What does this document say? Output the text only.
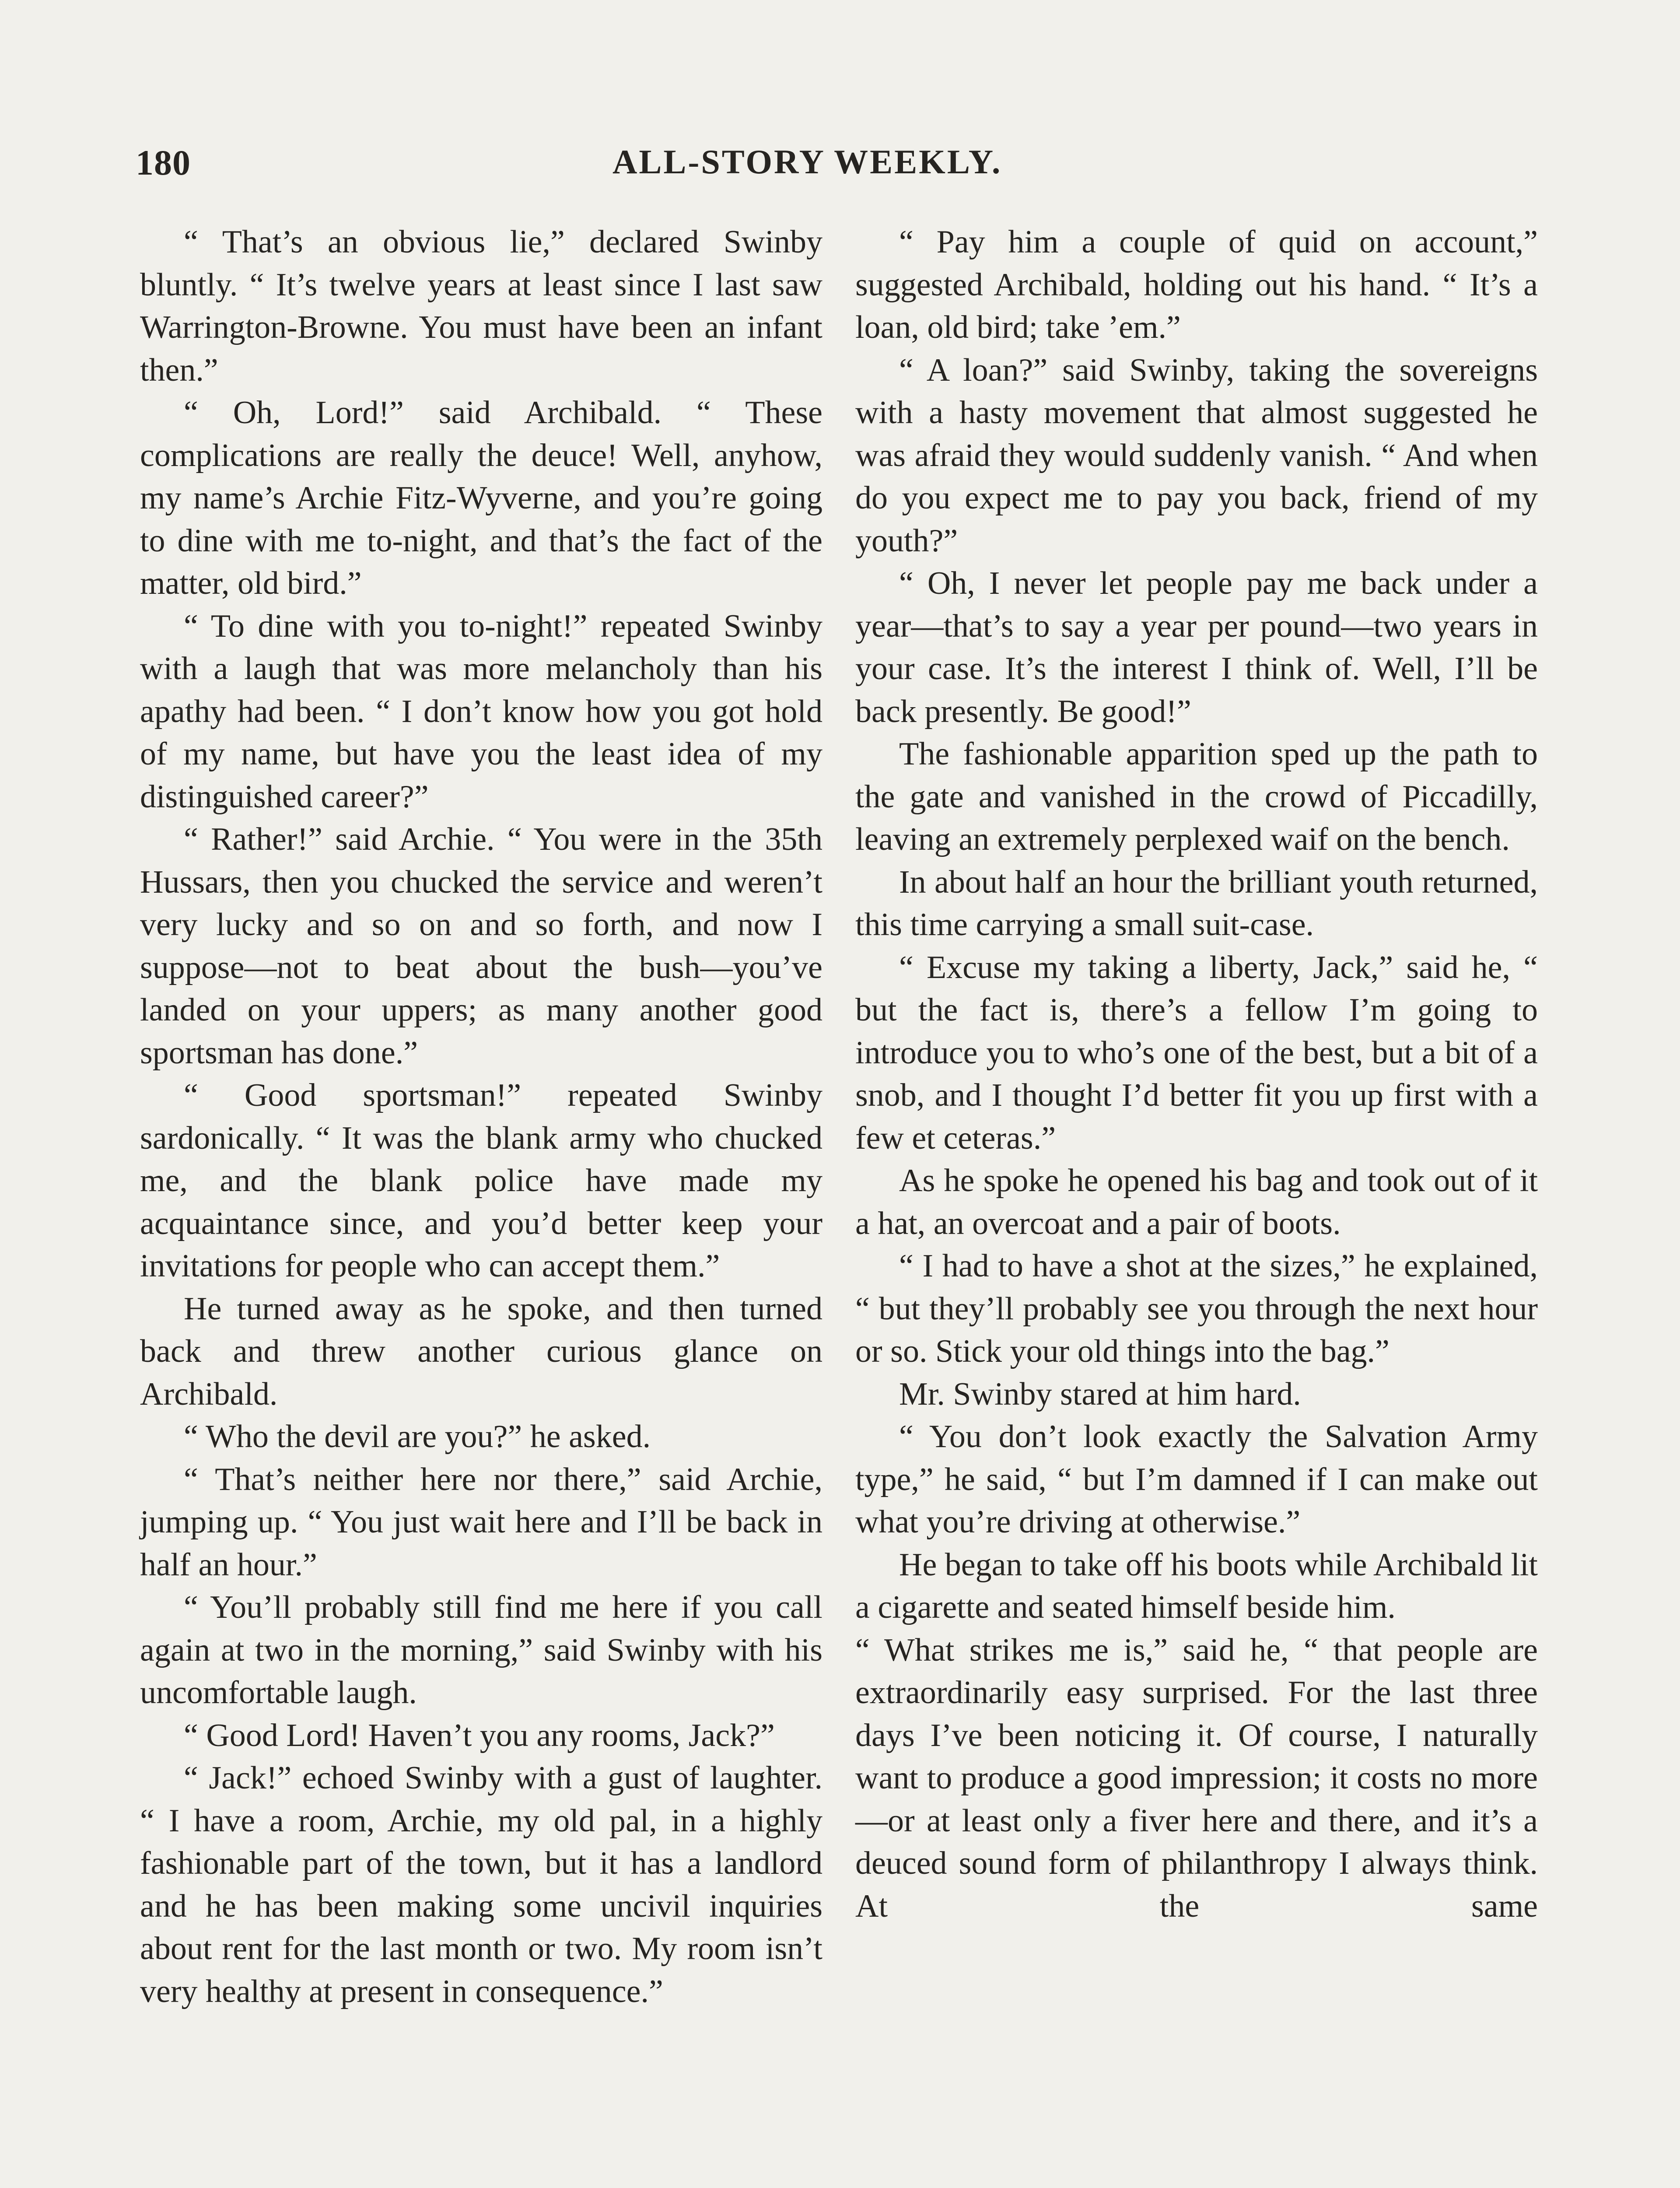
180	ALL-STORY WEEKLY.

“ That’s an obvious lie,” declared Swinby bluntly. “ It’s twelve years at least since I last saw Warrington-Browne. You must have been an infant then.”

“ Oh, Lord!” said Archibald. “ These complications are really the deuce! Well, anyhow, my name’s Archie Fitz-Wyverne, and you’re going to dine with me to-night, and that’s the fact of the matter, old bird.”

“ To dine with you to-night!” repeated Swinby with a laugh that was more melancholy than his apathy had been. “ I don’t know how you got hold of my name, but have you the least idea of my distinguished career?”

“ Rather!” said Archie. “ You were in the 35th Hussars, then you chucked the service and weren’t very lucky and so on and so forth, and now I suppose—not to beat about the bush—you’ve landed on your uppers; as many another good sportsman has done.”

“ Good sportsman!” repeated Swinby sardonically. “ It was the blank army who chucked me, and the blank police have made my acquaintance since, and you’d better keep your invitations for people who can accept them.”

He turned away as he spoke, and then turned back and threw another curious glance on Archibald.

“ Who the devil are you?” he asked.

“ That’s neither here nor there,” said Archie, jumping up. “ You just wait here and I’ll be back in half an hour.”

“ You’ll probably still find me here if you call again at two in the morning,” said Swinby with his uncomfortable laugh.

“ Good Lord! Haven’t you any rooms, Jack?”

“ Jack!” echoed Swinby with a gust of laughter. “ I have a room, Archie, my old pal, in a highly fashionable part of the town, but it has a landlord and he has been making some uncivil inquiries about rent for the last month or two. My room isn’t very healthy at present in consequence.”

“ Pay him a couple of quid on account,” suggested Archibald, holding out his hand. “ It’s a loan, old bird; take ’em.”

“ A loan?” said Swinby, taking the sovereigns with a hasty movement that almost suggested he was afraid they would suddenly vanish. “ And when do you expect me to pay you back, friend of my youth?”

“ Oh, I never let people pay me back under a year—that’s to say a year per pound—two years in your case. It’s the interest I think of. Well, I’ll be back presently. Be good!”

The fashionable apparition sped up the path to the gate and vanished in the crowd of Piccadilly, leaving an extremely perplexed waif on the bench.

In about half an hour the brilliant youth returned, this time carrying a small suit-case.

“ Excuse my taking a liberty, Jack,” said he, “ but the fact is, there’s a fellow I’m going to introduce you to who’s one of the best, but a bit of a snob, and I thought I’d better fit you up first with a few et ceteras.”

As he spoke he opened his bag and took out of it a hat, an overcoat and a pair of boots.

“ I had to have a shot at the sizes,” he explained, “ but they’ll probably see you through the next hour or so. Stick your old things into the bag.”

Mr. Swinby stared at him hard.

“ You don’t look exactly the Salvation Army type,” he said, “ but I’m damned if I can make out what you’re driving at otherwise.”

He began to take off his boots while Archibald lit a cigarette and seated himself beside him.

“ What strikes me is,” said he, “ that people are extraordinarily easy surprised. For the last three days I’ve been noticing it. Of course, I naturally want to produce a good impression; it costs no more —or at least only a fiver here and there, and it’s a deuced sound form of philanthropy I always think. At the same
